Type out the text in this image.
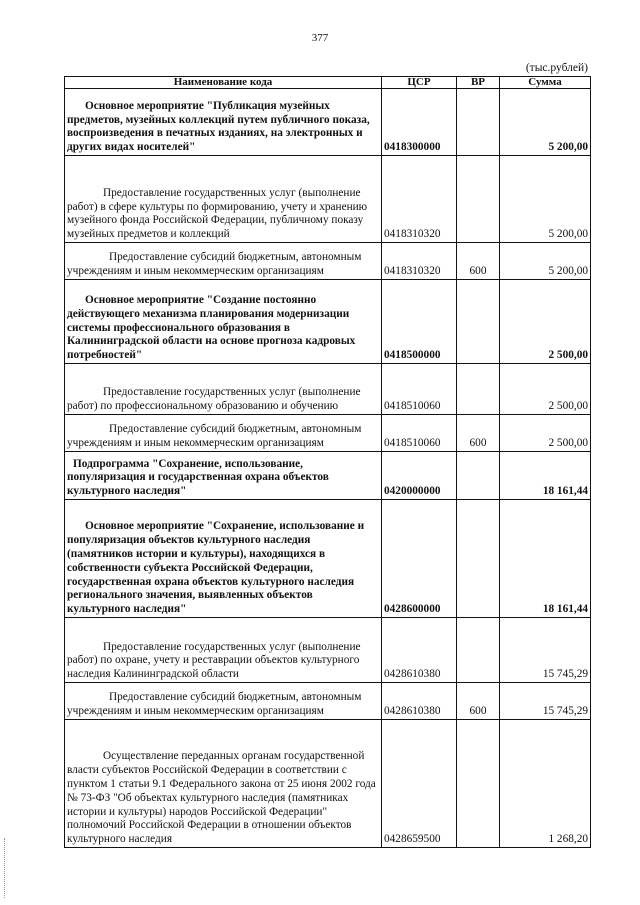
377
(тыс.рублей)
Наименование кода	ЦСР	ВР	Сумма

Основное мероприятие "Публикация музейных предметов, музейных коллекций путем публичного показа, воспроизведения в печатных изданиях, на электронных и других видах носителей"	0418300000		5 200,00

Предоставление государственных услуг (выполнение работ) в сфере культуры по формированию, учету и хранению музейного фонда Российской Федерации, публичному показу музейных предметов и коллекций	0418310320		5 200,00

Предоставление субсидий бюджетным, автономным учреждениям и иным некоммерческим организациям	0418310320	600	5 200,00

Основное мероприятие "Создание постоянно действующего механизма планирования модернизации системы профессионального образования в Калининградской области на основе прогноза кадровых потребностей"	0418500000		2 500,00

Предоставление государственных услуг (выполнение работ) по профессиональному образованию и обучению	0418510060		2 500,00

Предоставление субсидий бюджетным, автономным учреждениям и иным некоммерческим организациям	0418510060	600	2 500,00

Подпрограмма "Сохранение, использование, популяризация и государственная охрана объектов культурного наследия"	0420000000		18 161,44

Основное мероприятие "Сохранение, использование и популяризация объектов культурного наследия (памятников истории и культуры), находящихся в собственности субъекта Российской Федерации, государственная охрана объектов культурного наследия регионального значения, выявленных объектов культурного наследия"	0428600000		18 161,44

Предоставление государственных услуг (выполнение работ) по охране, учету и реставрации объектов культурного наследия Калининградской области	0428610380		15 745,29

Предоставление субсидий бюджетным, автономным учреждениям и иным некоммерческим организациям	0428610380	600	15 745,29

Осуществление переданных органам государственной власти субъектов Российской Федерации в соответствии с пунктом 1 статьи 9.1 Федерального закона от 25 июня 2002 года № 73-ФЗ "Об объектах культурного наследия (памятниках истории и культуры) народов Российской Федерации" полномочий Российской Федерации в отношении объектов культурного наследия	0428659500		1 268,20
